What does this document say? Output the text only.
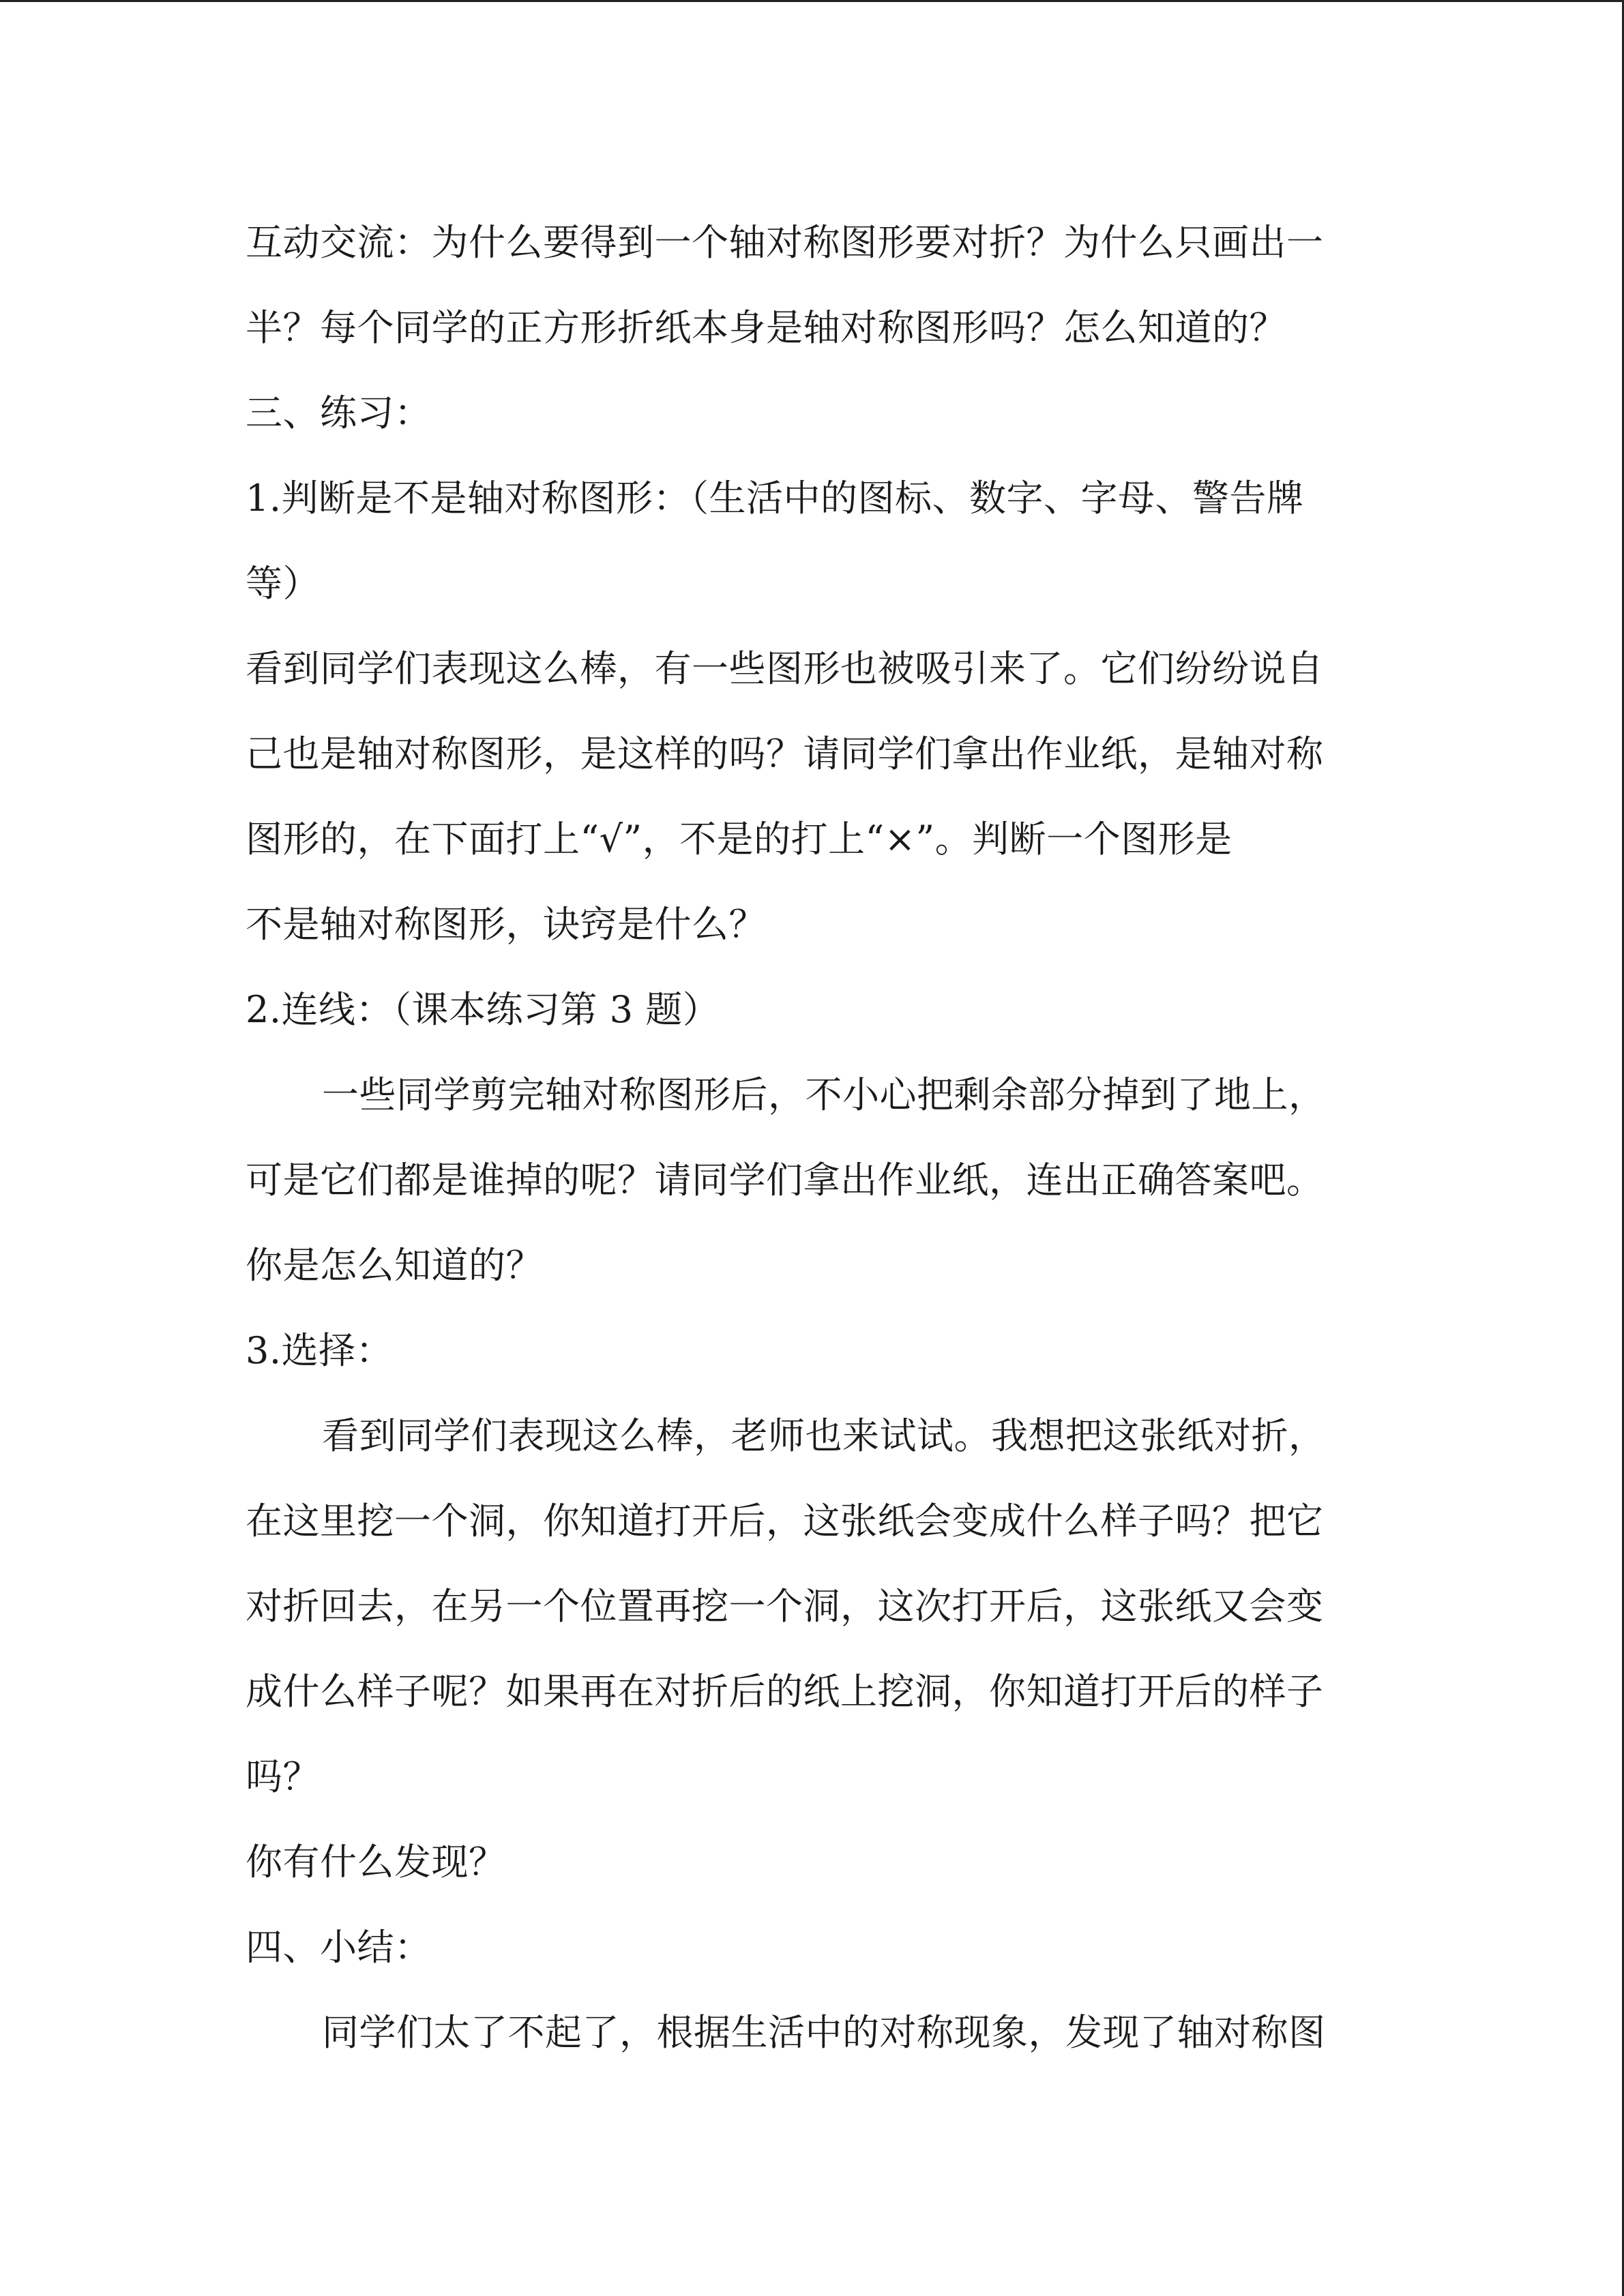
互动交流：为什么要得到一个轴对称图形要对折？为什么只画出一
半？每个同学的正方形折纸本身是轴对称图形吗？怎么知道的？
三、练习：
1.判断是不是轴对称图形：（生活中的图标、数字、字母、警告牌
等）
看到同学们表现这么棒，有一些图形也被吸引来了。它们纷纷说自
己也是轴对称图形，是这样的吗？请同学们拿出作业纸，是轴对称
图形的，在下面打上“√”，不是的打上“×”。判断一个图形是
不是轴对称图形，诀窍是什么？
2.连线：（课本练习第 3 题）
一些同学剪完轴对称图形后，不小心把剩余部分掉到了地上，
可是它们都是谁掉的呢？请同学们拿出作业纸，连出正确答案吧。
你是怎么知道的？
3.选择：
看到同学们表现这么棒，老师也来试试。我想把这张纸对折，
在这里挖一个洞，你知道打开后，这张纸会变成什么样子吗？把它
对折回去，在另一个位置再挖一个洞，这次打开后，这张纸又会变
成什么样子呢？如果再在对折后的纸上挖洞，你知道打开后的样子
吗？
你有什么发现？
四、小结：
同学们太了不起了，根据生活中的对称现象，发现了轴对称图
